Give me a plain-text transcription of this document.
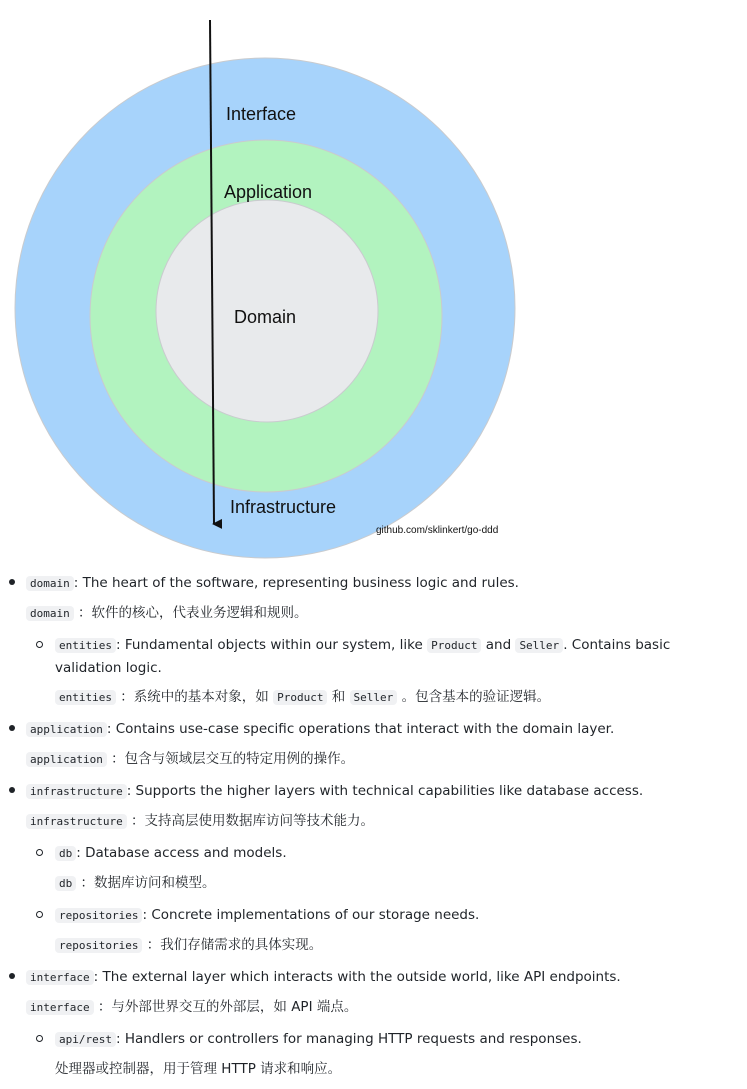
Interface
Application
Domain
Infrastructure
github.com/sklinkert/go-ddd
domain : The heart of the software, representing business logic and rules.
domain ：软件的核心，代表业务逻辑和规则。
entities : Fundamental objects within our system, like Product and Seller . Contains basic validation logic.
entities ：系统中的基本对象，如 Product 和 Seller 。包含基本的验证逻辑。
application : Contains use-case specific operations that interact with the domain layer.
application ：包含与领域层交互的特定用例的操作。
infrastructure : Supports the higher layers with technical capabilities like database access.
infrastructure ：支持高层使用数据库访问等技术能力。
db : Database access and models.
db ：数据库访问和模型。
repositories : Concrete implementations of our storage needs.
repositories ：我们存储需求的具体实现。
interface : The external layer which interacts with the outside world, like API endpoints.
interface ：与外部世界交互的外部层，如 API 端点。
api/rest : Handlers or controllers for managing HTTP requests and responses.
处理器或控制器，用于管理 HTTP 请求和响应。
